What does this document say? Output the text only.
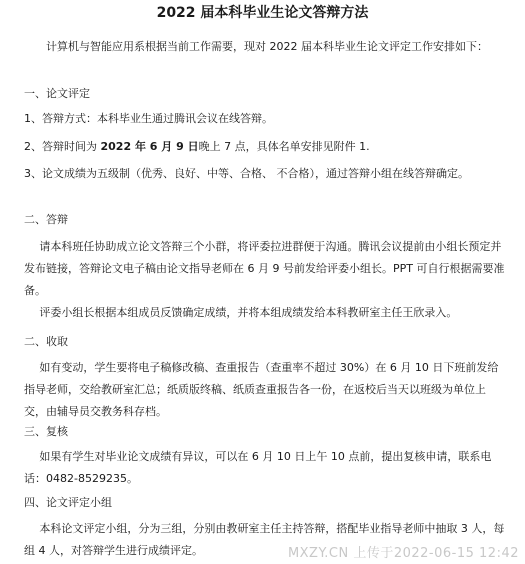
2022 届本科毕业生论文答辩方法

计算机与智能应用系根据当前工作需要，现对 2022 届本科毕业生论文评定工作安排如下：

一、论文评定

1、答辩方式：本科毕业生通过腾讯会议在线答辩。

2、答辩时间为 2022 年 6 月 9 日晚上 7 点，具体名单安排见附件 1.

3、论文成绩为五级制（优秀、良好、中等、合格、 不合格），通过答辩小组在线答辩确定。

二、答辩

请本科班任协助成立论文答辩三个小群，将评委拉进群便于沟通。腾讯会议提前由小组长预定并发布链接，答辩论文电子稿由论文指导老师在 6 月 9 号前发给评委小组长。PPT 可自行根据需要准备。

评委小组长根据本组成员反馈确定成绩，并将本组成绩发给本科教研室主任王欣录入。

二、收取

如有变动，学生要将电子稿修改稿、查重报告（查重率不超过 30%）在 6 月 10 日下班前发给指导老师，交给教研室汇总；纸质版终稿、纸质查重报告各一份，在返校后当天以班级为单位上交，由辅导员交教务科存档。

三、复核

如果有学生对毕业论文成绩有异议，可以在 6 月 10 日上午 10 点前，提出复核申请，联系电话：0482-8529235。

四、论文评定小组

本科论文评定小组，分为三组，分别由教研室主任主持答辩，搭配毕业指导老师中抽取 3 人，每组 4 人，对答辩学生进行成绩评定。	MXZY.CN 上传于2022-06-15 12:42
